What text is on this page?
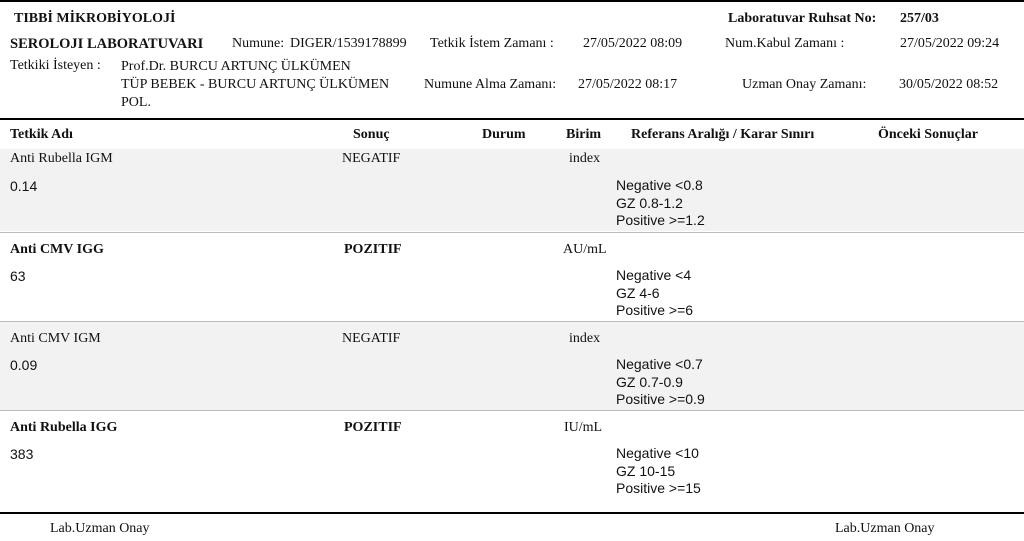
TIBBİ MİKROBİYOLOJİ	Laboratuvar Ruhsat No: 257/03
SEROLOJI LABORATUVARI Numune: DIGER/1539178899 Tetkik İstem Zamanı : 27/05/2022 08:09	Num.Kabul Zamanı :	27/05/2022 09:24
Tetkiki İsteyen : Prof.Dr. BURCU ARTUNÇ ÜLKÜMEN
TÜP BEBEK - BURCU ARTUNÇ ÜLKÜMEN
POL.
Numune Alma Zamanı: 27/05/2022 08:17	Uzman Onay Zamanı: 30/05/2022 08:52
Tetkik Adı	Sonuç	Durum	Birim Referans Aralığı / Karar Sınırı	Önceki Sonuçlar
Anti Rubella IGM	NEGATIF	index
0.14	Negative <0.8
GZ 0.8-1.2
Positive >=1.2
Anti CMV IGG	POZITIF	AU/mL
63	Negative <4
GZ 4-6
Positive >=6
Anti CMV IGM	NEGATIF	index
0.09	Negative <0.7
GZ 0.7-0.9
Positive >=0.9
Anti Rubella IGG	POZITIF	IU/mL
383	Negative <10
GZ 10-15
Positive >=15
Lab.Uzman Onay	Lab.Uzman Onay
